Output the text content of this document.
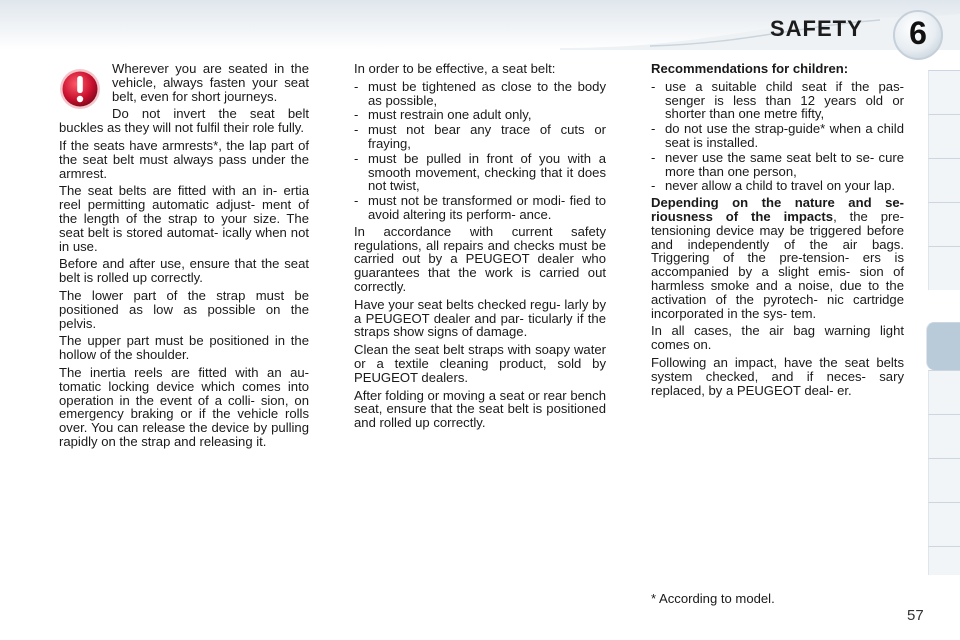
SAFETY	6

Wherever you are seated in the vehicle, always fasten your seat belt, even for short journeys.

Do not invert the seat belt buckles as they will not fulfil their role fully.

If the seats have armrests*, the lap part of the seat belt must always pass under the armrest.

The seat belts are fitted with an in- ertia reel permitting automatic adjust- ment of the length of the strap to your size. The seat belt is stored automat- ically when not in use.

Before and after use, ensure that the seat belt is rolled up correctly.

The lower part of the strap must be positioned as low as possible on the pelvis.

The upper part must be positioned in the hollow of the shoulder.

The inertia reels are fitted with an au- tomatic locking device which comes into operation in the event of a colli- sion, on emergency braking or if the vehicle rolls over. You can release the device by pulling rapidly on the strap and releasing it.

In order to be effective, a seat belt:

- must be tightened as close to the body as possible,
- must restrain one adult only,
- must not bear any trace of cuts or fraying,
- must be pulled in front of you with a smooth movement, checking that it does not twist,
- must not be transformed or modi- fied to avoid altering its perform- ance.

In accordance with current safety regulations, all repairs and checks must be carried out by a PEUGEOT dealer who guarantees that the work is carried out correctly.

Have your seat belts checked regu- larly by a PEUGEOT dealer and par- ticularly if the straps show signs of damage.

Clean the seat belt straps with soapy water or a textile cleaning product, sold by PEUGEOT dealers.

After folding or moving a seat or rear bench seat, ensure that the seat belt is positioned and rolled up correctly.

Recommendations for children:

- use a suitable child seat if the pas- senger is less than 12 years old or shorter than one metre fifty,
- do not use the strap-guide* when a child seat is installed.
- never use the same seat belt to se- cure more than one person,
- never allow a child to travel on your lap.

Depending on the nature and se- riousness of the impacts, the pre- tensioning device may be triggered before and independently of the air bags. Triggering of the pre-tension- ers is accompanied by a slight emis- sion of harmless smoke and a noise, due to the activation of the pyrotech- nic cartridge incorporated in the sys- tem.

In all cases, the air bag warning light comes on.

Following an impact, have the seat belts system checked, and if neces- sary replaced, by a PEUGEOT deal- er.

* According to model.
57
